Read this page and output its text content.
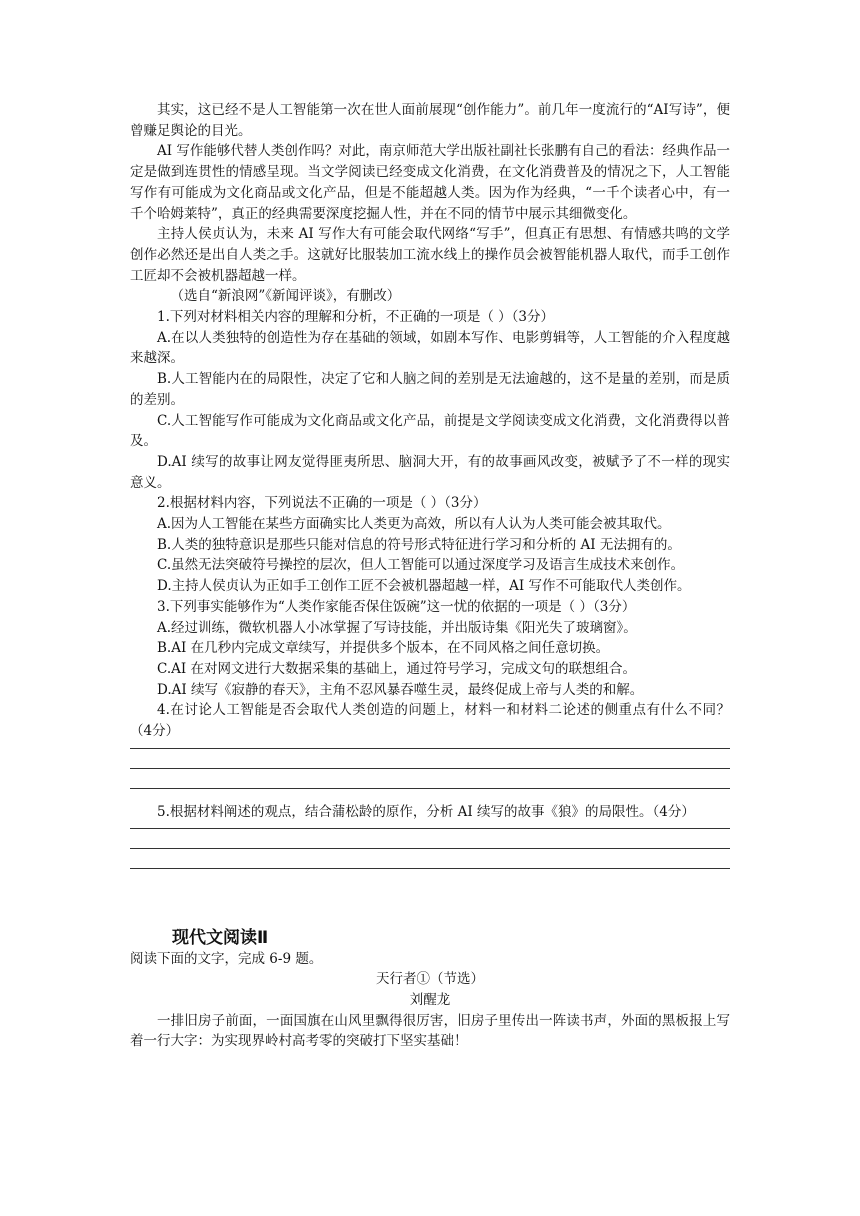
其实，这已经不是人工智能第一次在世人面前展现“创作能力”。前几年一度流行的“AI写诗”，便曾赚足舆论的目光。

AI 写作能够代替人类创作吗？对此，南京师范大学出版社副社长张鹏有自己的看法：经典作品一定是做到连贯性的情感呈现。当文学阅读已经变成文化消费，在文化消费普及的情况之下，人工智能写作有可能成为文化商品或文化产品，但是不能超越人类。因为作为经典，“一千个读者心中，有一千个哈姆莱特”，真正的经典需要深度挖掘人性，并在不同的情节中展示其细微变化。

主持人侯贞认为，未来 AI 写作大有可能会取代网络“写手”，但真正有思想、有情感共鸣的文学创作必然还是出自人类之手。这就好比服装加工流水线上的操作员会被智能机器人取代，而手工创作工匠却不会被机器超越一样。

（选自“新浪网”《新闻评谈》，有删改）

1.下列对材料相关内容的理解和分析，不正确的一项是（ ）（3分）

A.在以人类独特的创造性为存在基础的领域，如剧本写作、电影剪辑等，人工智能的介入程度越来越深。

B.人工智能内在的局限性，决定了它和人脑之间的差别是无法逾越的，这不是量的差别，而是质的差别。

C.人工智能写作可能成为文化商品或文化产品，前提是文学阅读变成文化消费，文化消费得以普及。

D.AI 续写的故事让网友觉得匪夷所思、脑洞大开，有的故事画风改变，被赋予了不一样的现实意义。

2.根据材料内容，下列说法不正确的一项是（ ）（3分）

A.因为人工智能在某些方面确实比人类更为高效，所以有人认为人类可能会被其取代。

B.人类的独特意识是那些只能对信息的符号形式特征进行学习和分析的 AI 无法拥有的。

C.虽然无法突破符号操控的层次，但人工智能可以通过深度学习及语言生成技术来创作。

D.主持人侯贞认为正如手工创作工匠不会被机器超越一样，AI 写作不可能取代人类创作。

3.下列事实能够作为“人类作家能否保住饭碗”这一忧的依据的一项是（ ）（3分）

A.经过训练，微软机器人小冰掌握了写诗技能，并出版诗集《阳光失了玻璃窗》。

B.AI 在几秒内完成文章续写，并提供多个版本，在不同风格之间任意切换。

C.AI 在对网文进行大数据采集的基础上，通过符号学习，完成文句的联想组合。

D.AI 续写《寂静的春天》，主角不忍风暴吞噬生灵，最终促成上帝与人类的和解。

4.在讨论人工智能是否会取代人类创造的问题上，材料一和材料二论述的侧重点有什么不同？（4分）

5.根据材料阐述的观点，结合蒲松龄的原作，分析 AI 续写的故事《狼》的局限性。（4分）

现代文阅读Ⅱ

阅读下面的文字，完成 6-9 题。

天行者①（节选）

刘醒龙

一排旧房子前面，一面国旗在山风里飘得很厉害，旧房子里传出一阵读书声，外面的黑板报上写着一行大字：为实现界岭村高考零的突破打下坚实基础！
